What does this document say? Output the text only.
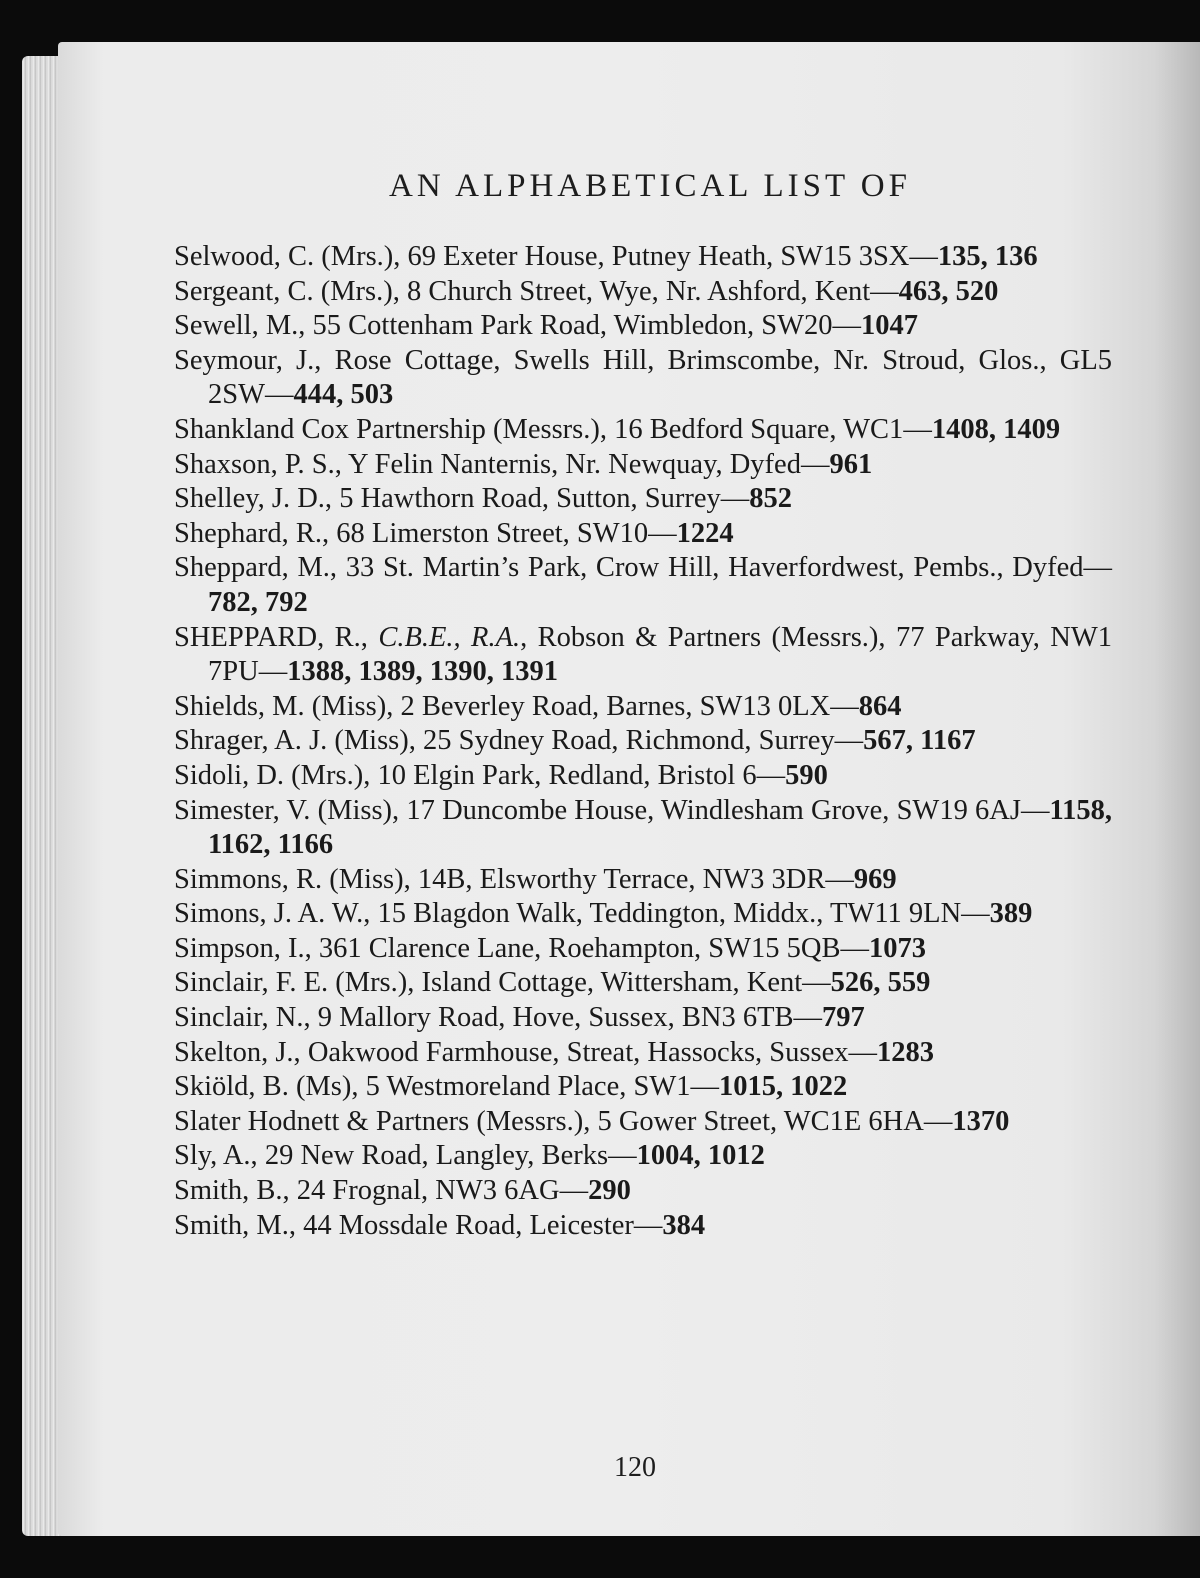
AN ALPHABETICAL LIST OF
Selwood, C. (Mrs.), 69 Exeter House, Putney Heath, SW15 3SX—135, 136
Sergeant, C. (Mrs.), 8 Church Street, Wye, Nr. Ashford, Kent—463, 520
Sewell, M., 55 Cottenham Park Road, Wimbledon, SW20—1047
Seymour, J., Rose Cottage, Swells Hill, Brimscombe, Nr. Stroud, Glos., GL5 2SW—444, 503
Shankland Cox Partnership (Messrs.), 16 Bedford Square, WC1—1408, 1409
Shaxson, P. S., Y Felin Nanternis, Nr. Newquay, Dyfed—961
Shelley, J. D., 5 Hawthorn Road, Sutton, Surrey—852
Shephard, R., 68 Limerston Street, SW10—1224
Sheppard, M., 33 St. Martin’s Park, Crow Hill, Haverfordwest, Pembs., Dyfed—782, 792
SHEPPARD, R., C.B.E., R.A., Robson & Partners (Messrs.), 77 Parkway, NW1 7PU—1388, 1389, 1390, 1391
Shields, M. (Miss), 2 Beverley Road, Barnes, SW13 0LX—864
Shrager, A. J. (Miss), 25 Sydney Road, Richmond, Surrey—567, 1167
Sidoli, D. (Mrs.), 10 Elgin Park, Redland, Bristol 6—590
Simester, V. (Miss), 17 Duncombe House, Windlesham Grove, SW19 6AJ—1158, 1162, 1166
Simmons, R. (Miss), 14B, Elsworthy Terrace, NW3 3DR—969
Simons, J. A. W., 15 Blagdon Walk, Teddington, Middx., TW11 9LN—389
Simpson, I., 361 Clarence Lane, Roehampton, SW15 5QB—1073
Sinclair, F. E. (Mrs.), Island Cottage, Wittersham, Kent—526, 559
Sinclair, N., 9 Mallory Road, Hove, Sussex, BN3 6TB—797
Skelton, J., Oakwood Farmhouse, Streat, Hassocks, Sussex—1283
Skiöld, B. (Ms), 5 Westmoreland Place, SW1—1015, 1022
Slater Hodnett & Partners (Messrs.), 5 Gower Street, WC1E 6HA—1370
Sly, A., 29 New Road, Langley, Berks—1004, 1012
Smith, B., 24 Frognal, NW3 6AG—290
Smith, M., 44 Mossdale Road, Leicester—384
120
